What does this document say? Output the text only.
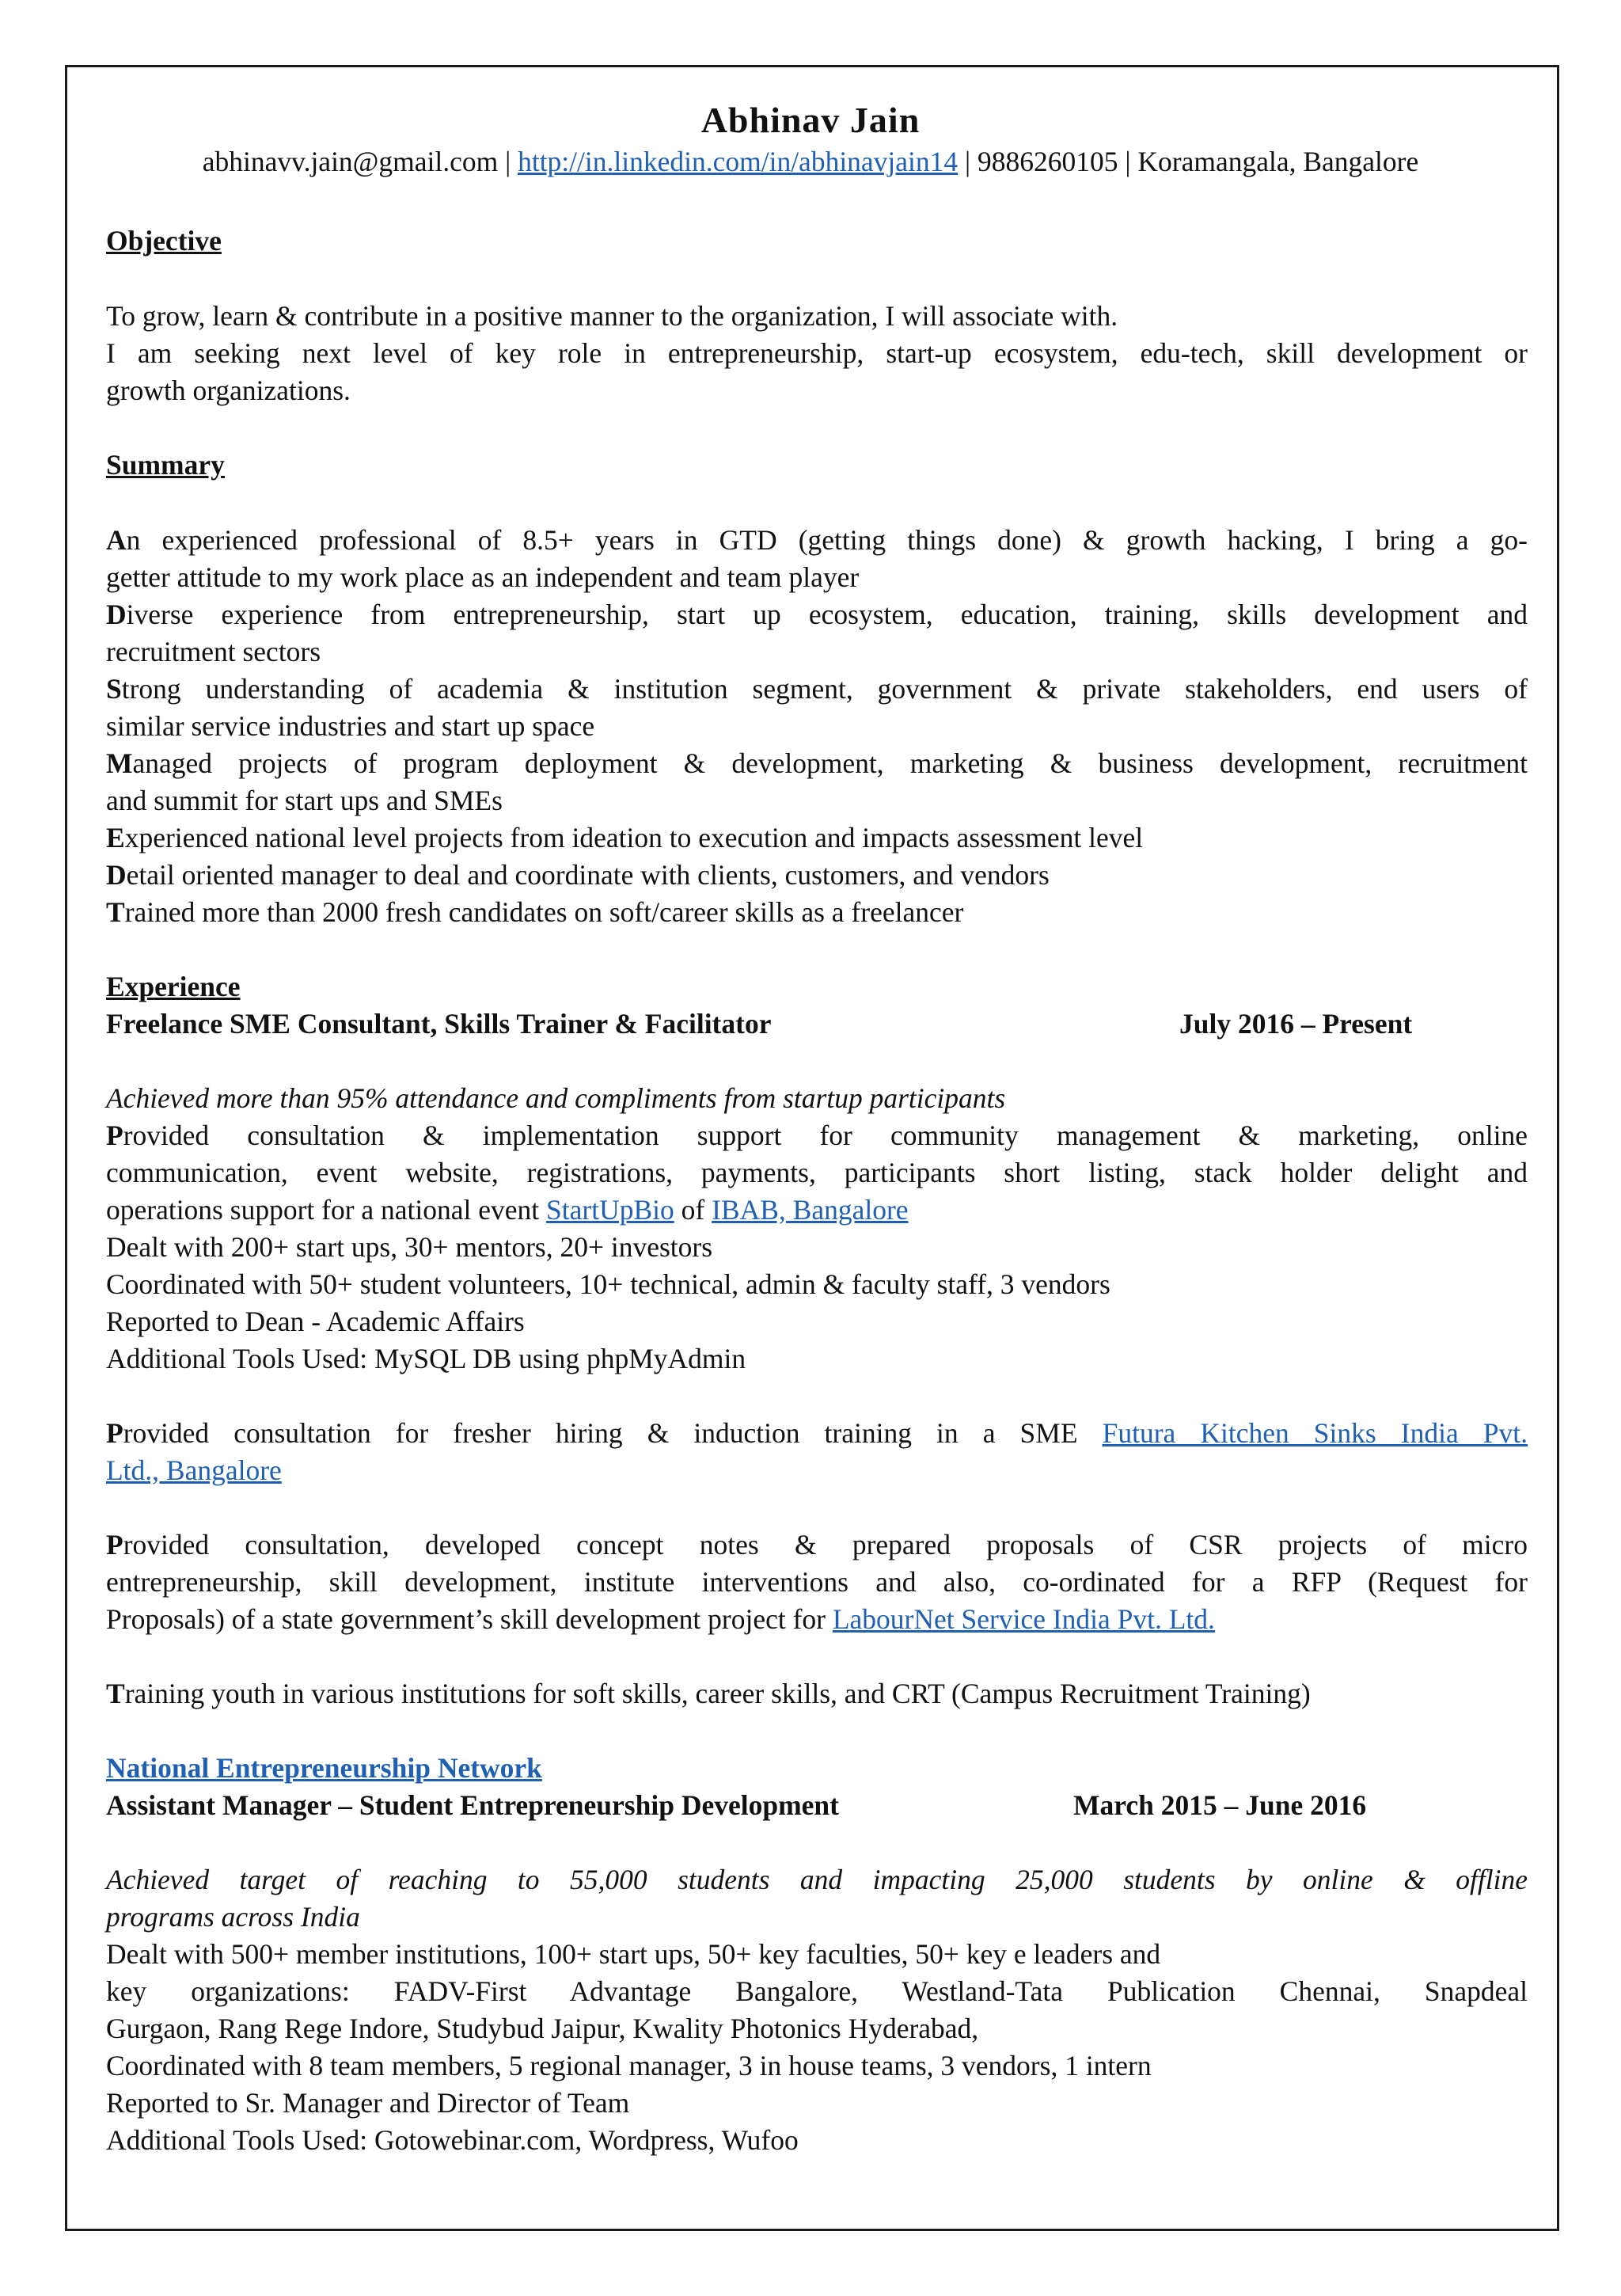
Abhinav Jain
abhinavv.jain@gmail.com | http://in.linkedin.com/in/abhinavjain14 | 9886260105 | Koramangala, Bangalore
Objective
To grow, learn & contribute in a positive manner to the organization, I will associate with.
I am seeking next level of key role in entrepreneurship, start-up ecosystem, edu-tech, skill development or
growth organizations.
Summary
An experienced professional of 8.5+ years in GTD (getting things done) & growth hacking, I bring a go-
getter attitude to my work place as an independent and team player
Diverse experience from entrepreneurship, start up ecosystem, education, training, skills development and
recruitment sectors
Strong understanding of academia & institution segment, government & private stakeholders, end users of
similar service industries and start up space
Managed projects of program deployment & development, marketing & business development, recruitment
and summit for start ups and SMEs
Experienced national level projects from ideation to execution and impacts assessment level
Detail oriented manager to deal and coordinate with clients, customers, and vendors
Trained more than 2000 fresh candidates on soft/career skills as a freelancer
Experience
Freelance SME Consultant, Skills Trainer & Facilitator	July 2016 – Present
Achieved more than 95% attendance and compliments from startup participants
Provided consultation & implementation support for community management & marketing, online
communication, event website, registrations, payments, participants short listing, stack holder delight and
operations support for a national event StartUpBio of IBAB, Bangalore
Dealt with 200+ start ups, 30+ mentors, 20+ investors
Coordinated with 50+ student volunteers, 10+ technical, admin & faculty staff, 3 vendors
Reported to Dean - Academic Affairs
Additional Tools Used: MySQL DB using phpMyAdmin
Provided consultation for fresher hiring & induction training in a SME Futura Kitchen Sinks India Pvt.
Ltd., Bangalore
Provided consultation, developed concept notes & prepared proposals of CSR projects of micro
entrepreneurship, skill development, institute interventions and also, co-ordinated for a RFP (Request for
Proposals) of a state government’s skill development project for LabourNet Service India Pvt. Ltd.
Training youth in various institutions for soft skills, career skills, and CRT (Campus Recruitment Training)
National Entrepreneurship Network
Assistant Manager – Student Entrepreneurship Development	March 2015 – June 2016
Achieved target of reaching to 55,000 students and impacting 25,000 students by online & offline
programs across India
Dealt with 500+ member institutions, 100+ start ups, 50+ key faculties, 50+ key e leaders and
key organizations: FADV-First Advantage Bangalore, Westland-Tata Publication Chennai, Snapdeal
Gurgaon, Rang Rege Indore, Studybud Jaipur, Kwality Photonics Hyderabad,
Coordinated with 8 team members, 5 regional manager, 3 in house teams, 3 vendors, 1 intern
Reported to Sr. Manager and Director of Team
Additional Tools Used: Gotowebinar.com, Wordpress, Wufoo
